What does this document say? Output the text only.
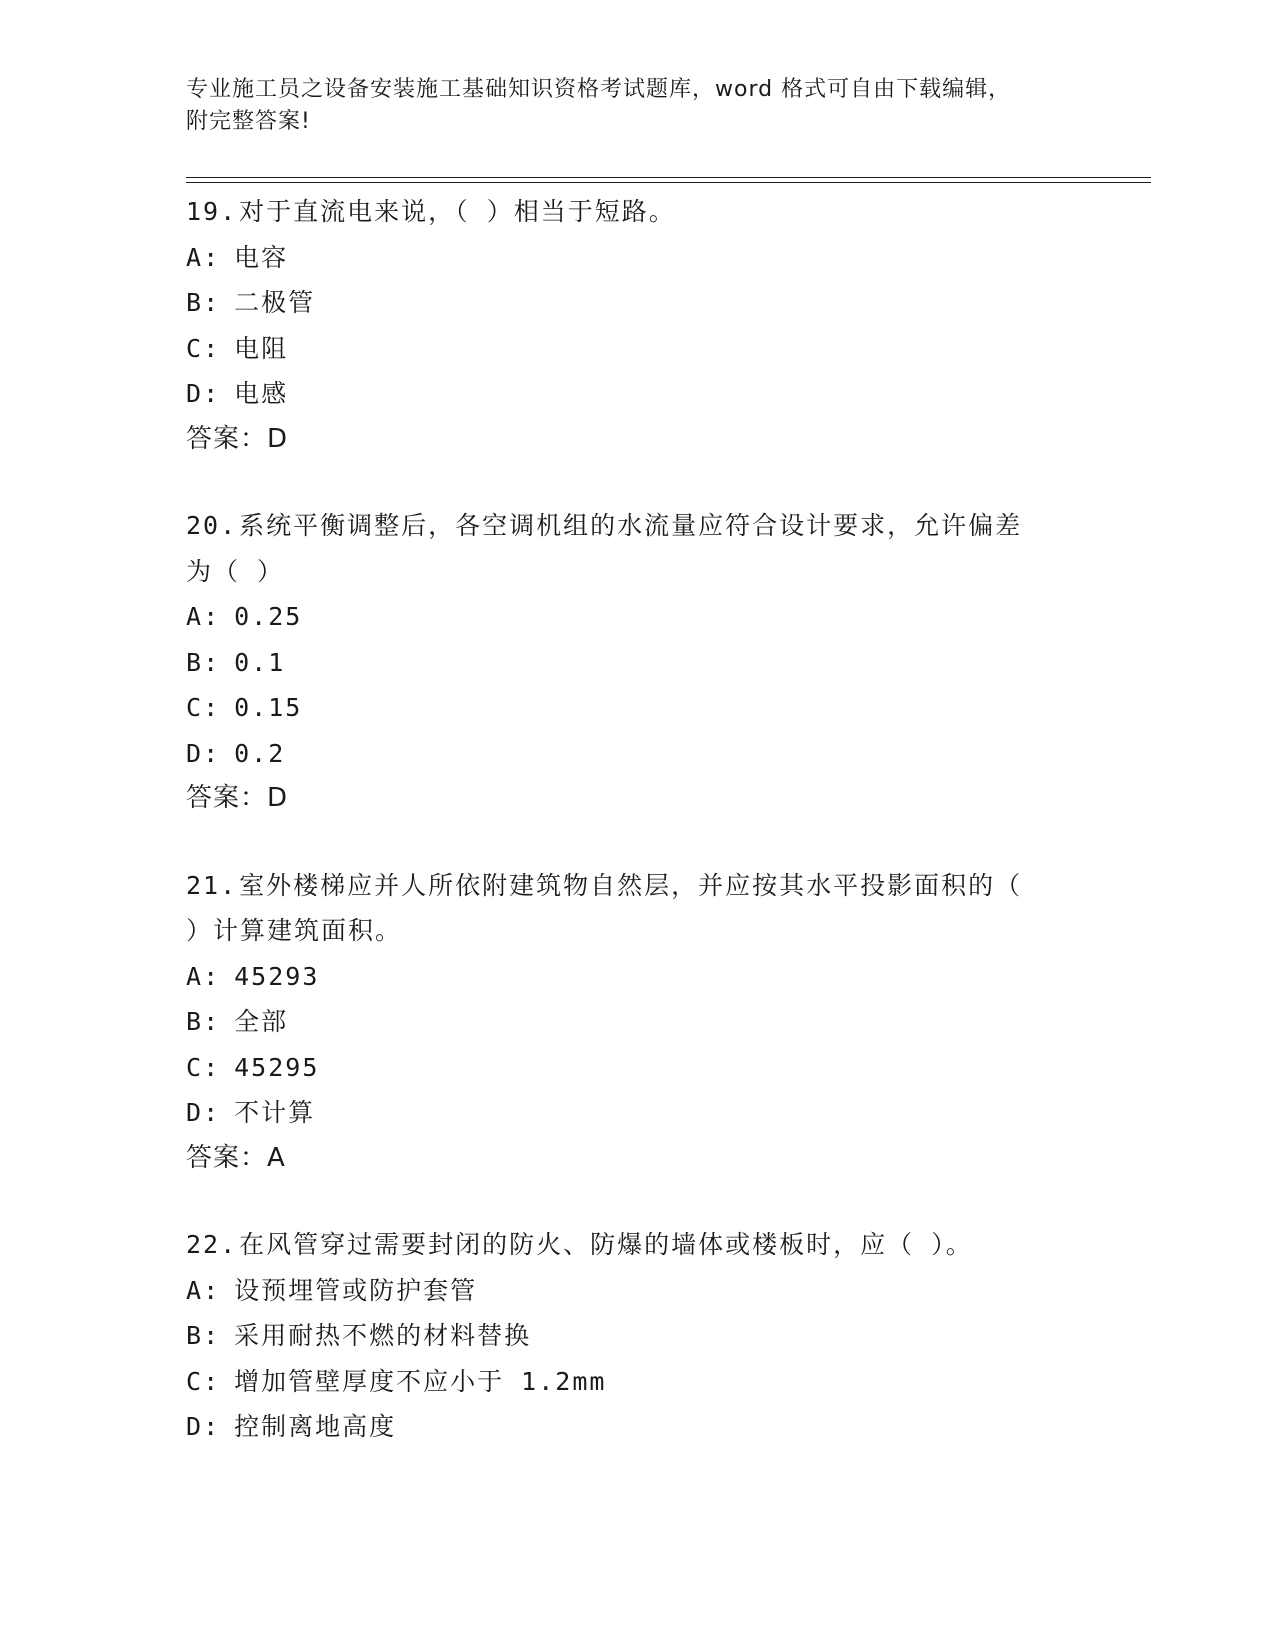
专业施工员之设备安装施工基础知识资格考试题库，word 格式可自由下载编辑，
附完整答案!
19.对于直流电来说，（ ）相当于短路。
A: 电容
B: 二极管
C: 电阻
D: 电感
答案：D
20.系统平衡调整后，各空调机组的水流量应符合设计要求，允许偏差
为（ ）
A: 0.25
B: 0.1
C: 0.15
D: 0.2
答案：D
21.室外楼梯应并人所依附建筑物自然层，并应按其水平投影面积的（
）计算建筑面积。
A: 45293
B: 全部
C: 45295
D: 不计算
答案：A
22.在风管穿过需要封闭的防火、防爆的墙体或楼板时，应（ ）。
A: 设预埋管或防护套管
B: 采用耐热不燃的材料替换
C: 增加管壁厚度不应小于 1.2mm
D: 控制离地高度
